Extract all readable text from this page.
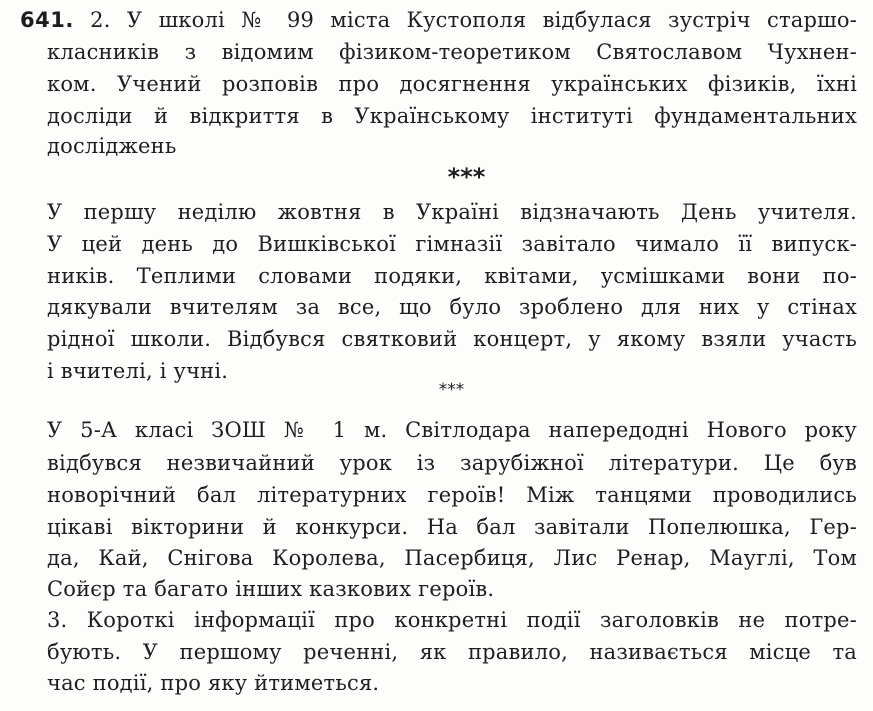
641. 2. У школі № 99 міста Кустополя відбулася зустріч старшо-
класників з відомим фізиком-теоретиком Святославом Чухнен-
ком. Учений розповів про досягнення українських фізиків, їхні
досліди й відкриття в Українському інституті фундаментальних
досліджень
***
У першу неділю жовтня в Україні відзначають День учителя.
У цей день до Вишківської гімназії завітало чимало її випуск-
ників. Теплими словами подяки, квітами, усмішками вони по-
дякували вчителям за все, що було зроблено для них у стінах
рідної школи. Відбувся святковий концерт, у якому взяли участь
і вчителі, і учні.
***
У 5-А класі ЗОШ № 1 м. Світлодара напередодні Нового року
відбувся незвичайний урок із зарубіжної літератури. Це був
новорічний бал літературних героїв! Між танцями проводились
цікаві вікторини й конкурси. На бал завітали Попелюшка, Гер-
да, Кай, Снігова Королева, Пасербиця, Лис Ренар, Мауглі, Том
Сойєр та багато інших казкових героїв.
3. Короткі інформації про конкретні події заголовків не потре-
бують. У першому реченні, як правило, називається місце та
час події, про яку йтиметься.
